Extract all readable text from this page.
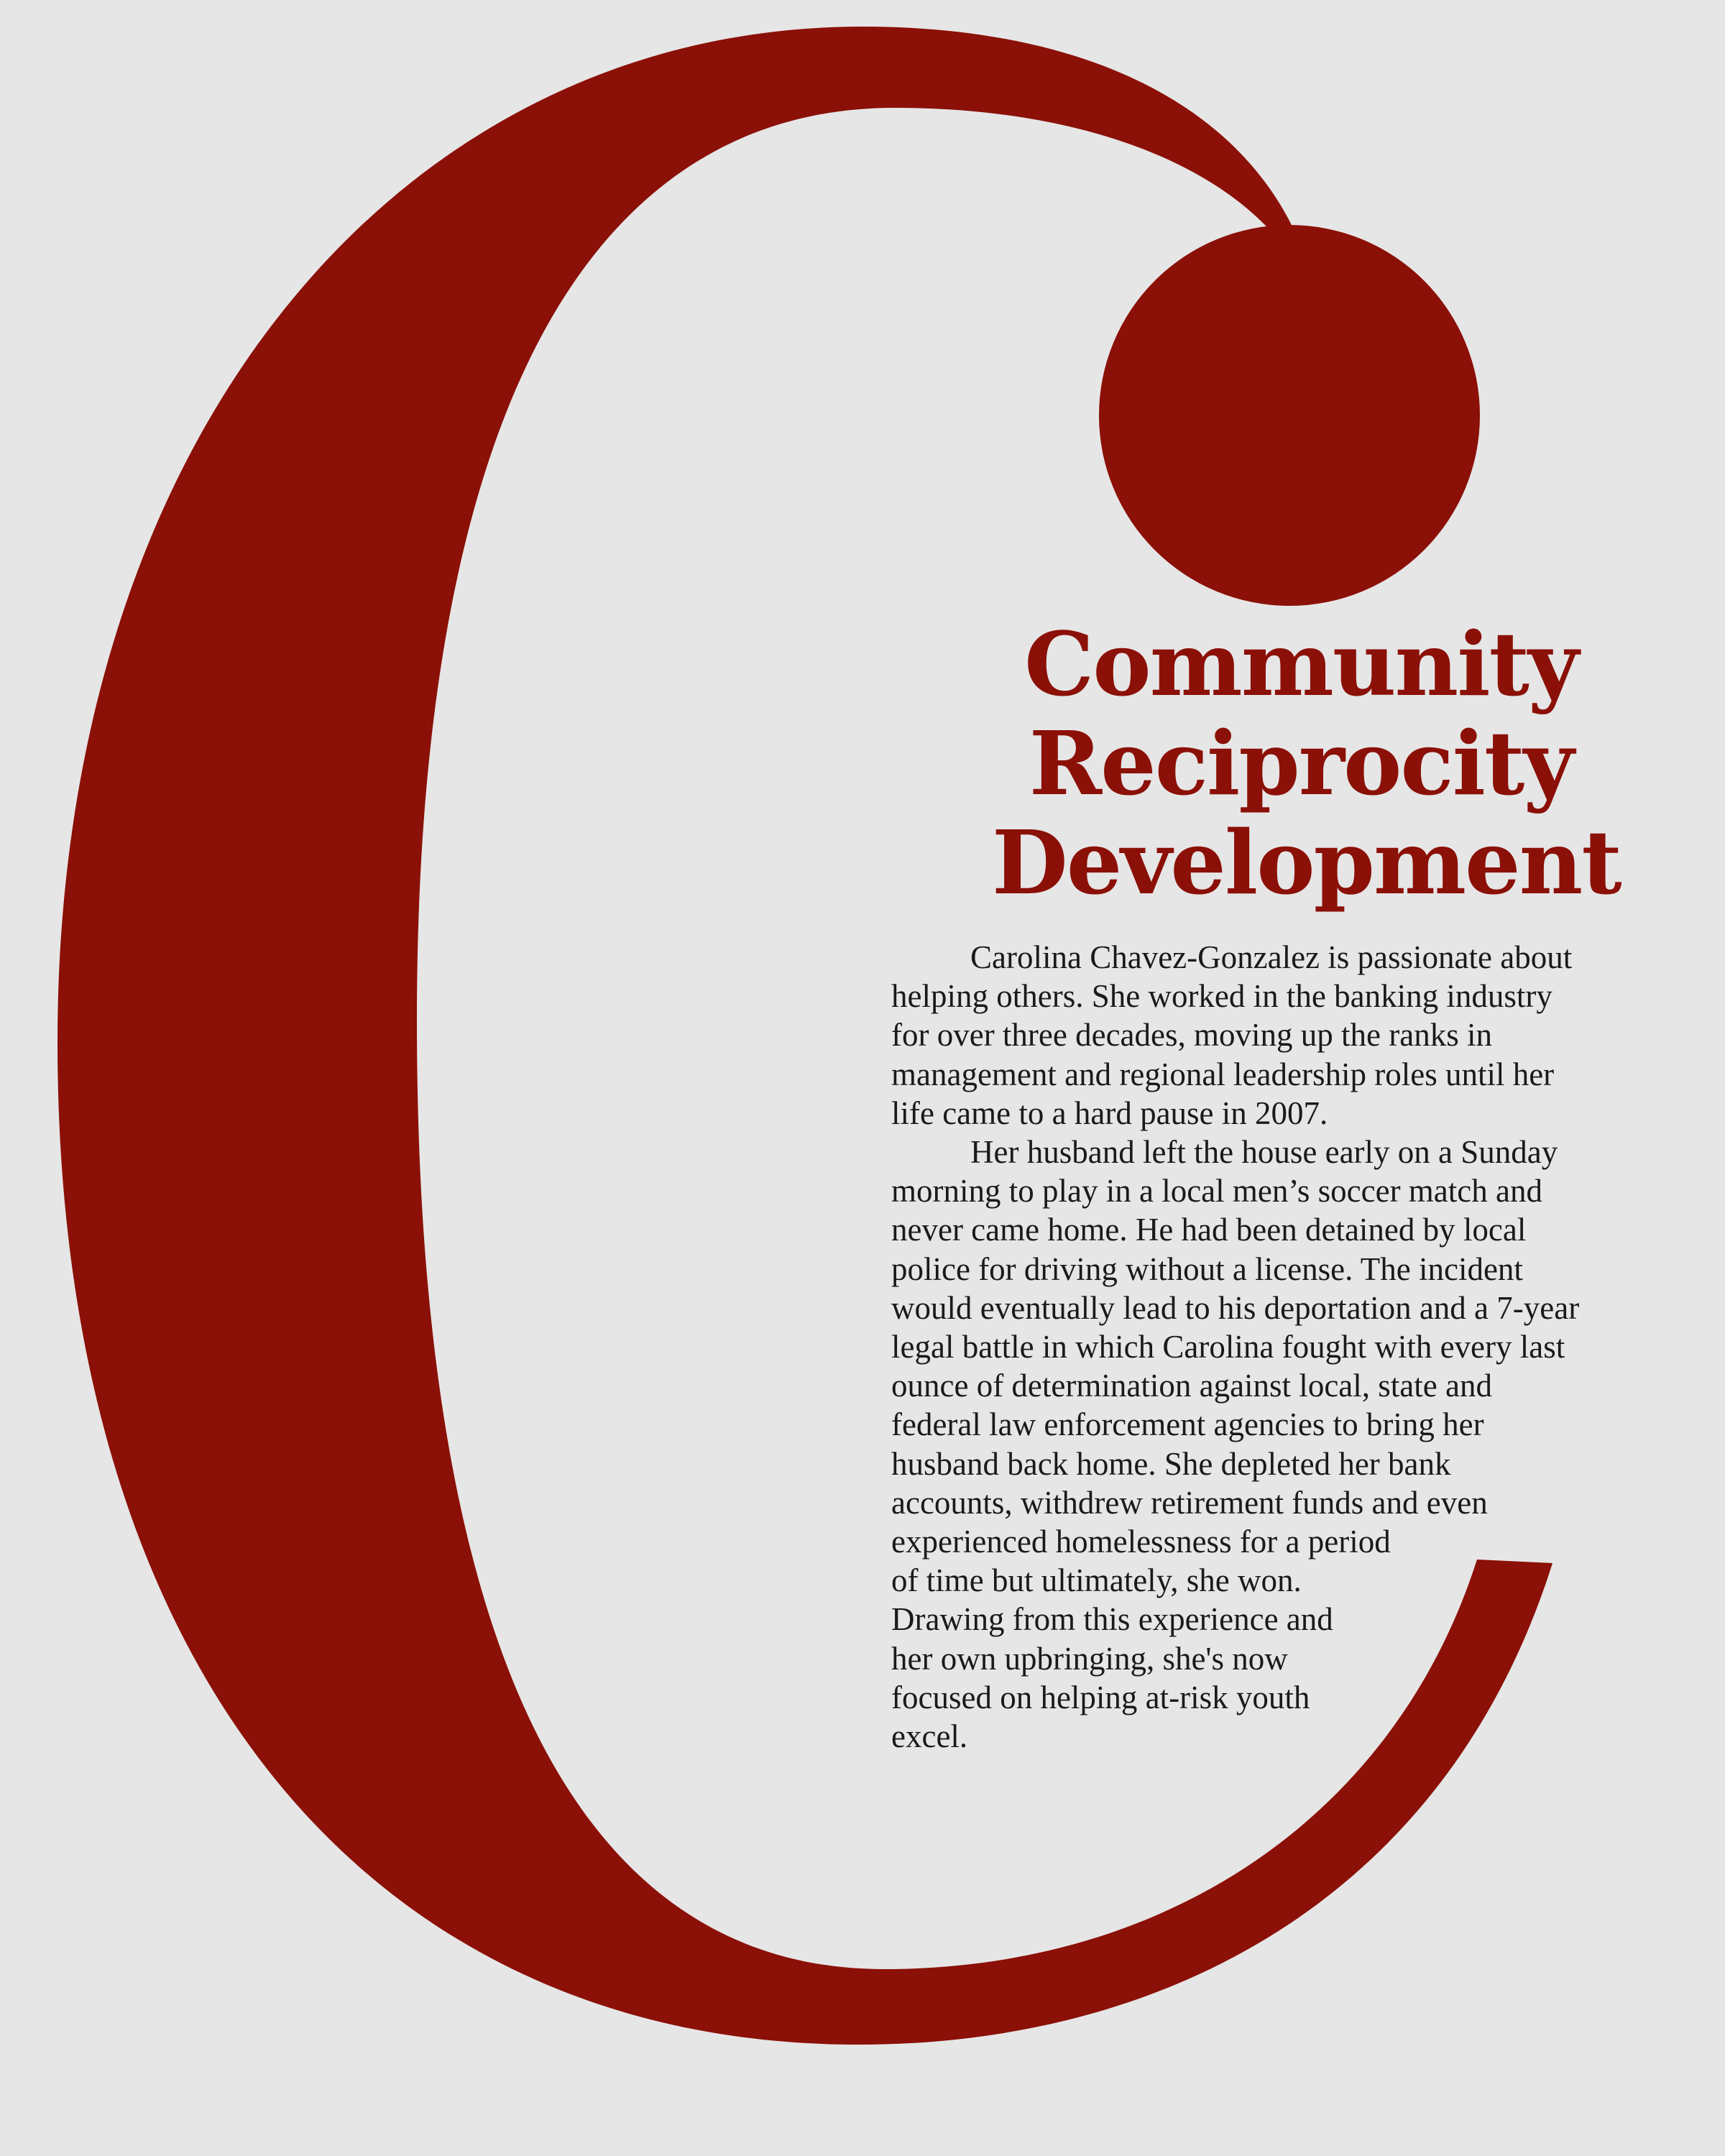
Community
Reciprocity
Development
Carolina Chavez-Gonzalez is passionate about
helping others. She worked in the banking industry
for over three decades, moving up the ranks in
management and regional leadership roles until her
life came to a hard pause in 2007.
Her husband left the house early on a Sunday
morning to play in a local men’s soccer match and
never came home. He had been detained by local
police for driving without a license. The incident
would eventually lead to his deportation and a 7-year
legal battle in which Carolina fought with every last
ounce of determination against local, state and
federal law enforcement agencies to bring her
husband back home. She depleted her bank
accounts, withdrew retirement funds and even
experienced homelessness for a period
of time but ultimately, she won.
Drawing from this experience and
her own upbringing, she's now
focused on helping at-risk youth
excel.
